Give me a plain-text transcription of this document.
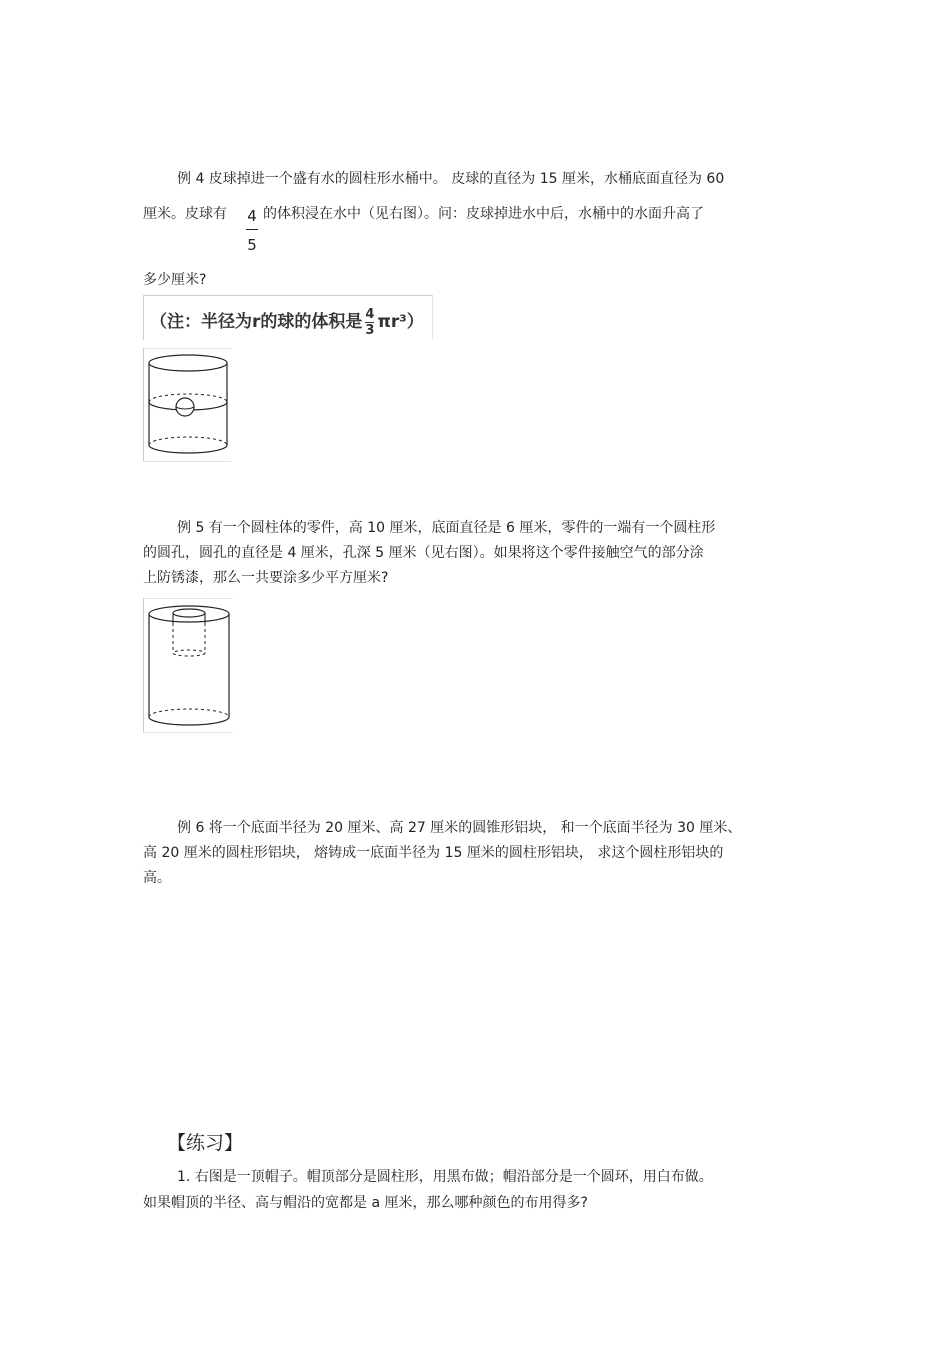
例 4 皮球掉进一个盛有水的圆柱形水桶中。 皮球的直径为 15 厘米，水桶底面直径为 60
厘米。皮球有 4
5
的体积浸在水中（见右图）。问：皮球掉进水中后，水桶中的水面升高了
多少厘米?
（注：半径为r的球的体积是 $\frac{4}{3} \pi r^3$）
例 5 有一个圆柱体的零件，高 10 厘米，底面直径是 6 厘米，零件的一端有一个圆柱形
的圆孔，圆孔的直径是 4 厘米，孔深 5 厘米（见右图）。如果将这个零件接触空气的部分涂
上防锈漆，那么一共要涂多少平方厘米?
例 6 将一个底面半径为 20 厘米、高 27 厘米的圆锥形铝块， 和一个底面半径为 30 厘米、
高 20 厘米的圆柱形铝块， 熔铸成一底面半径为 15 厘米的圆柱形铝块， 求这个圆柱形铝块的
高。
【练习】
1. 右图是一顶帽子。帽顶部分是圆柱形，用黑布做；帽沿部分是一个圆环，用白布做。
如果帽顶的半径、高与帽沿的宽都是 a 厘米，那么哪种颜色的布用得多?
